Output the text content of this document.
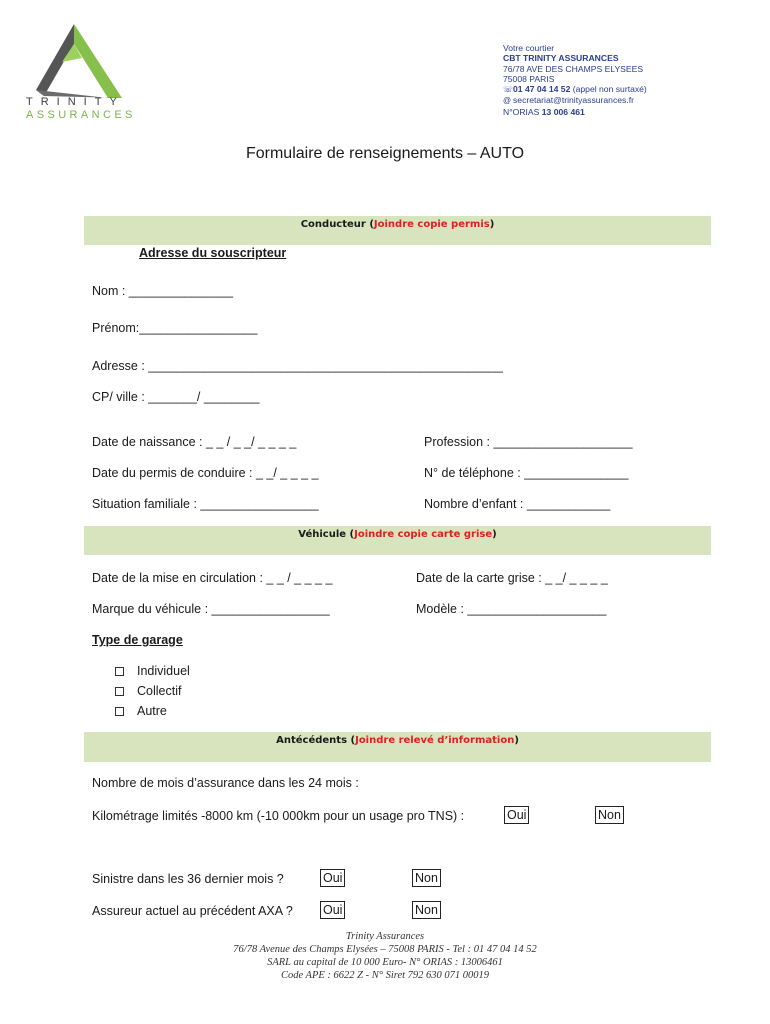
TRINITY
ASSURANCES
Votre courtier
CBT TRINITY ASSURANCES
76/78 AVE DES CHAMPS ELYSEES
75008 PARIS
☏01 47 04 14 52 (appel non surtaxé)
@ secretariat@trinityassurances.fr
N°ORIAS 13 006 461
Formulaire de renseignements – AUTO
Conducteur (Joindre copie permis)
Adresse du souscripteur
Nom : _______________
Prénom:_________________
Adresse : ___________________________________________________
CP/ ville : _______/ ________
Date de naissance : _ _ / _ _/ _ _ _ _	Profession : ____________________
Date du permis de conduire : _ _/ _ _ _ _	N° de téléphone : _______________
Situation familiale : _________________	Nombre d’enfant : ____________
Véhicule (Joindre copie carte grise)
Date de la mise en circulation : _ _ / _ _ _ _	Date de la carte grise : _ _/ _ _ _ _
Marque du véhicule : _________________	Modèle : ____________________
Type de garage
Individuel
Collectif
Autre
Antécédents (Joindre relevé d’information)
Nombre de mois d’assurance dans les 24 mois :
Kilométrage limités -8000 km (-10 000km pour un usage pro TNS) :	Oui	Non
Sinistre dans les 36 dernier mois ?	Oui	Non
Assureur actuel au précédent AXA ? Oui	Non
Trinity Assurances
76/78 Avenue des Champs Elysées – 75008 PARIS - Tel : 01 47 04 14 52
SARL au capital de 10 000 Euro- N° ORIAS : 13006461
Code APE : 6622 Z - N° Siret 792 630 071 00019
